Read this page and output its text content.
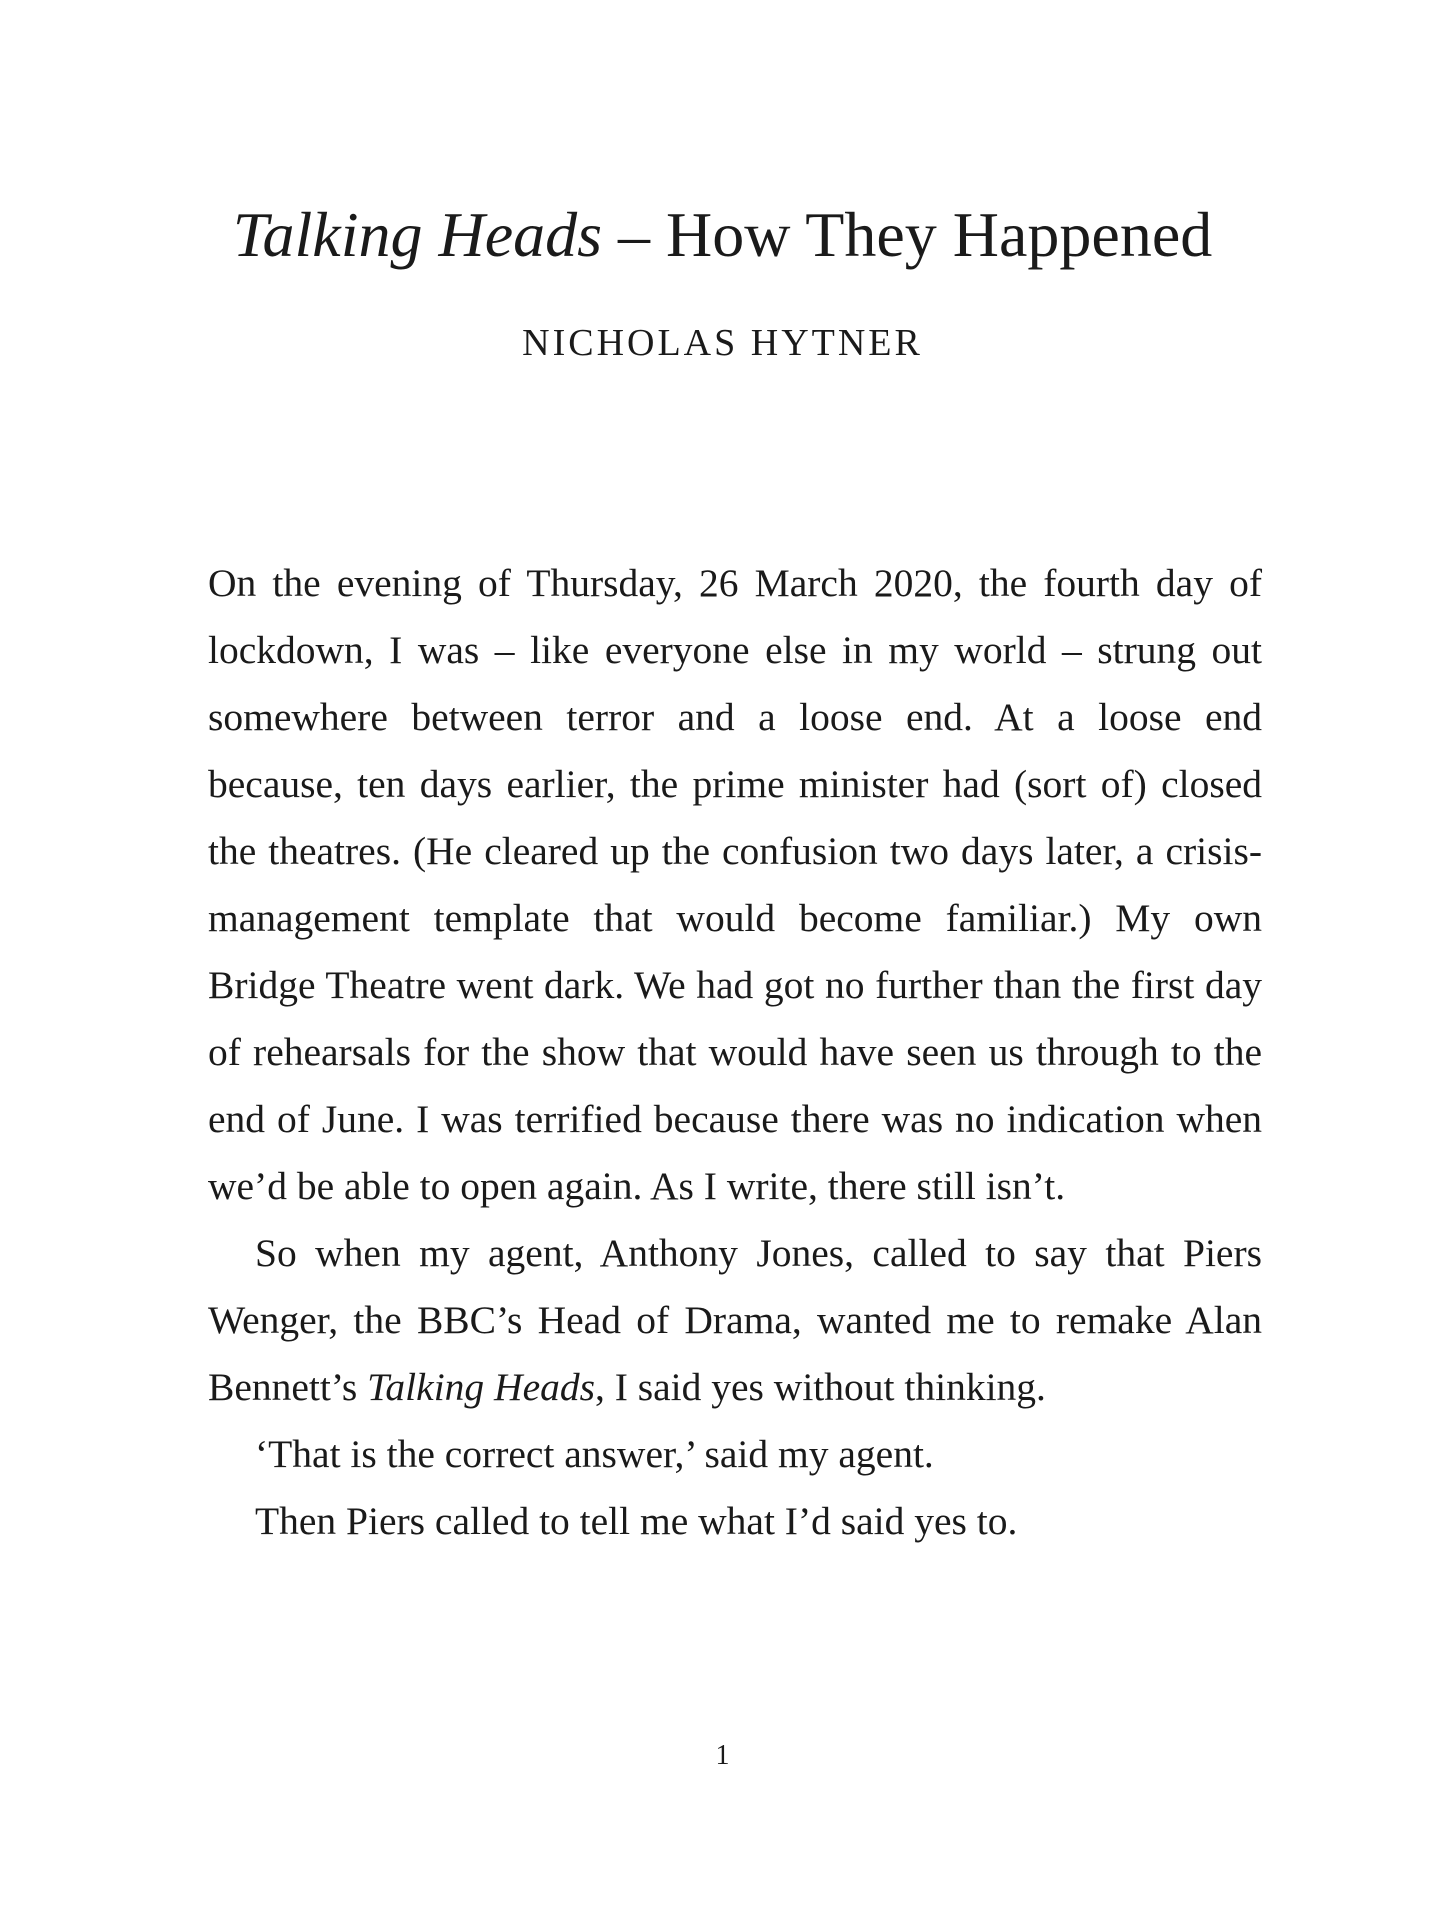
Talking Heads – How They Happened
NICHOLAS HYTNER

On the evening of Thursday, 26 March 2020, the fourth day of lockdown, I was – like everyone else in my world – strung out somewhere between terror and a loose end. At a loose end because, ten days earlier, the prime minister had (sort of) closed the theatres. (He cleared up the confusion two days later, a crisis-management template that would become familiar.) My own Bridge Theatre went dark. We had got no further than the first day of rehearsals for the show that would have seen us through to the end of June. I was terrified because there was no indication when we’d be able to open again. As I write, there still isn’t.

So when my agent, Anthony Jones, called to say that Piers Wenger, the BBC’s Head of Drama, wanted me to remake Alan Bennett’s Talking Heads, I said yes without thinking.

‘That is the correct answer,’ said my agent.

Then Piers called to tell me what I’d said yes to.

1
